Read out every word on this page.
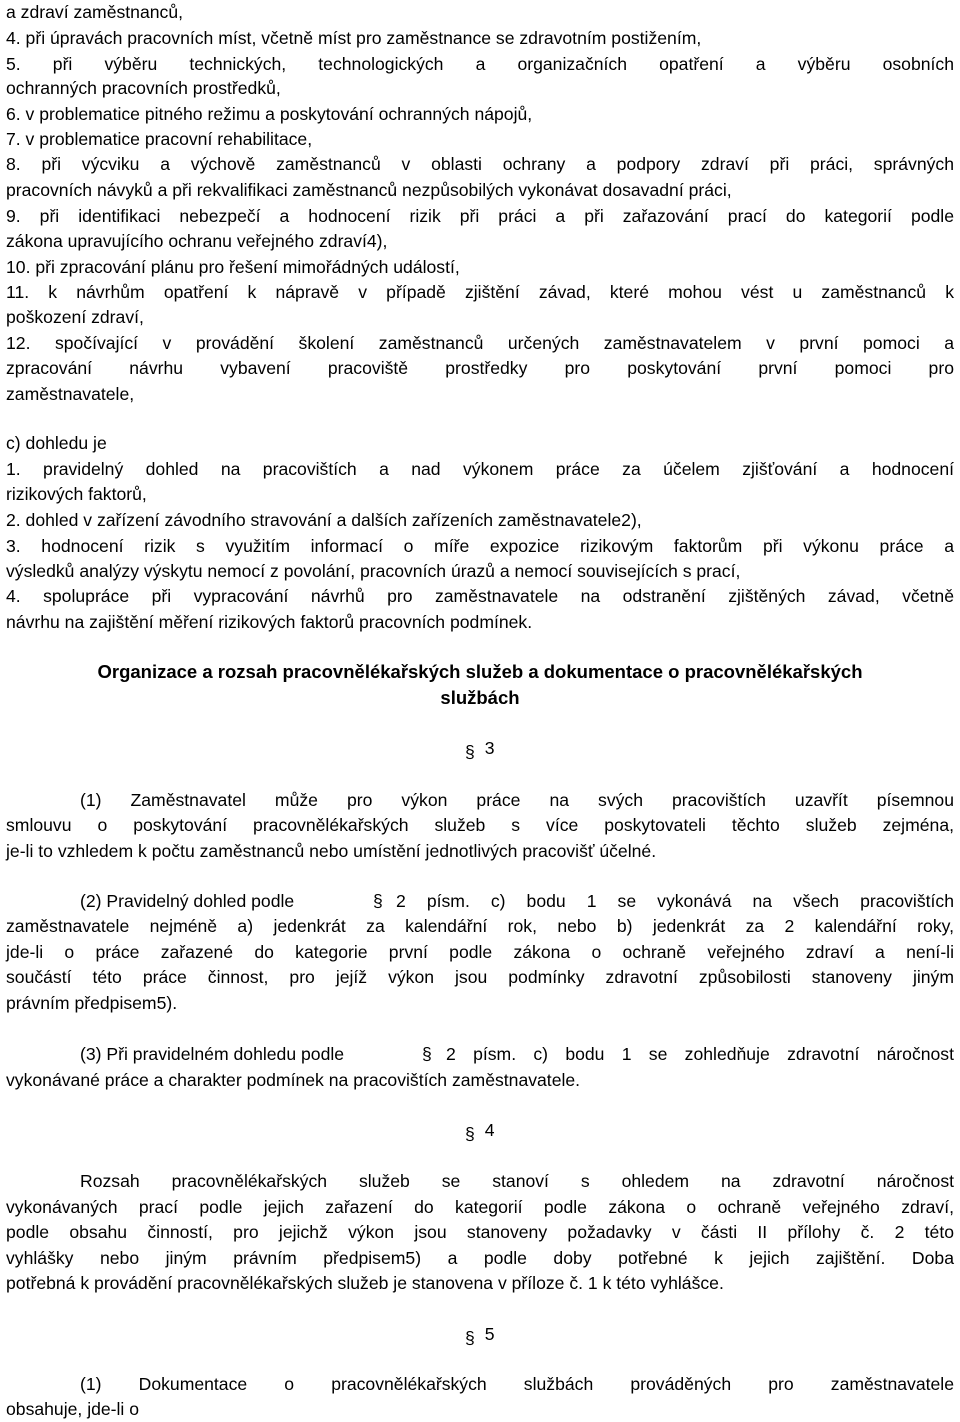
a zdraví zaměstnanců,
4. při úpravách pracovních míst, včetně míst pro zaměstnance se zdravotním postižením,
5. při výběru technických, technologických a organizačních opatření a výběru osobních
ochranných pracovních prostředků,
6. v problematice pitného režimu a poskytování ochranných nápojů,
7. v problematice pracovní rehabilitace,
8. při výcviku a výchově zaměstnanců v oblasti ochrany a podpory zdraví při práci, správných
pracovních návyků a při rekvalifikaci zaměstnanců nezpůsobilých vykonávat dosavadní práci,
9. při identifikaci nebezpečí a hodnocení rizik při práci a při zařazování prací do kategorií podle
zákona upravujícího ochranu veřejného zdraví4),
10. při zpracování plánu pro řešení mimořádných událostí,
11. k návrhům opatření k nápravě v případě zjištění závad, které mohou vést u zaměstnanců k
poškození zdraví,
12. spočívající v provádění školení zaměstnanců určených zaměstnavatelem v první pomoci a
zpracování návrhu vybavení pracoviště prostředky pro poskytování první pomoci pro
zaměstnavatele,
c) dohledu je
1. pravidelný dohled na pracovištích a nad výkonem práce za účelem zjišťování a hodnocení
rizikových faktorů,
2. dohled v zařízení závodního stravování a dalších zařízeních zaměstnavatele2),
3. hodnocení rizik s využitím informací o míře expozice rizikovým faktorům při výkonu práce a
výsledků analýzy výskytu nemocí z povolání, pracovních úrazů a nemocí souvisejících s prací,
4. spolupráce při vypracování návrhů pro zaměstnavatele na odstranění zjištěných závad, včetně
návrhu na zajištění měření rizikových faktorů pracovních podmínek.
Organizace a rozsah pracovnělékařských služeb a dokumentace o pracovnělékařských
službách
§ 3
(1) Zaměstnavatel může pro výkon práce na svých pracovištích uzavřít písemnou
smlouvu o poskytování pracovnělékařských služeb s více poskytovateli těchto služeb zejména,
je-li to vzhledem k počtu zaměstnanců nebo umístění jednotlivých pracovišť účelné.
(2) Pravidelný dohled podle	§ 2 písm. c) bodu 1 se vykonává na všech pracovištích
zaměstnavatele nejméně a) jedenkrát za kalendářní rok, nebo b) jedenkrát za 2 kalendářní roky,
jde-li o práce zařazené do kategorie první podle zákona o ochraně veřejného zdraví a není-li
součástí této práce činnost, pro jejíž výkon jsou podmínky zdravotní způsobilosti stanoveny jiným
právním předpisem5).
(3) Při pravidelném dohledu podle	§ 2 písm. c) bodu 1 se zohledňuje zdravotní náročnost
vykonávané práce a charakter podmínek na pracovištích zaměstnavatele.
§ 4
Rozsah pracovnělékařských služeb se stanoví s ohledem na zdravotní náročnost
vykonávaných prací podle jejich zařazení do kategorií podle zákona o ochraně veřejného zdraví,
podle obsahu činností, pro jejichž výkon jsou stanoveny požadavky v části II přílohy č. 2 této
vyhlášky nebo jiným právním předpisem5) a podle doby potřebné k jejich zajištění. Doba
potřebná k provádění pracovnělékařských služeb je stanovena v příloze č. 1 k této vyhlášce.
§ 5
(1) Dokumentace o pracovnělékařských službách prováděných pro zaměstnavatele
obsahuje, jde-li o
